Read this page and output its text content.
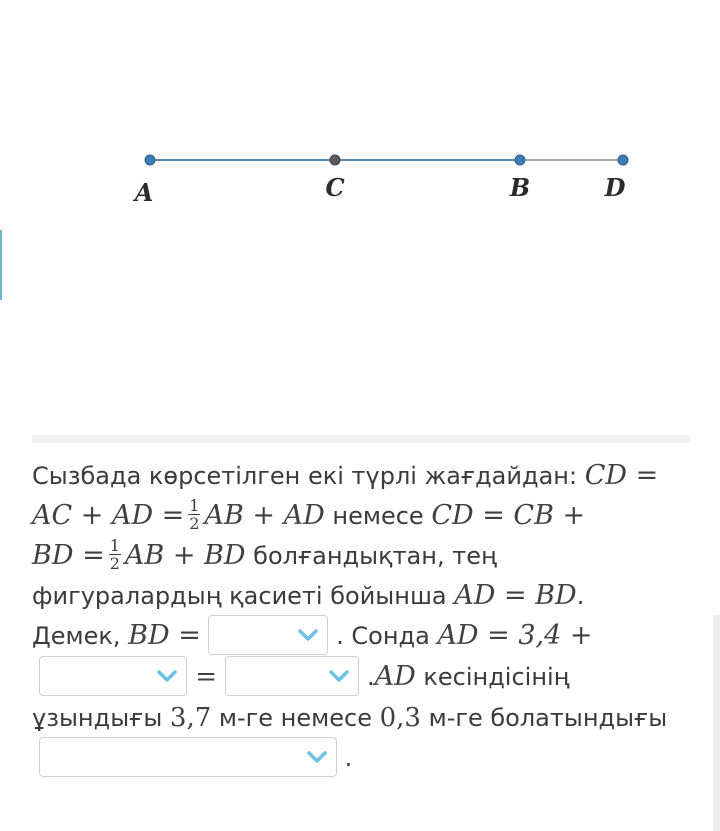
A	C	B	D
Сызбада көрсетілген екі түрлі жағдайдан: CD =
AC + AD = $\frac{1}{2}$ AB + AD немесе CD = CB +
BD = $\frac{1}{2}$ AB + BD болғандықтан, тең
фигуралардың қасиеті бойынша AD = BD.
Демек, BD =	. Сонда AD = 3,4 +
=	.AD кесіндісінің
ұзындығы 3,7 м-ге немесе 0,3 м-ге болатындығы
.
